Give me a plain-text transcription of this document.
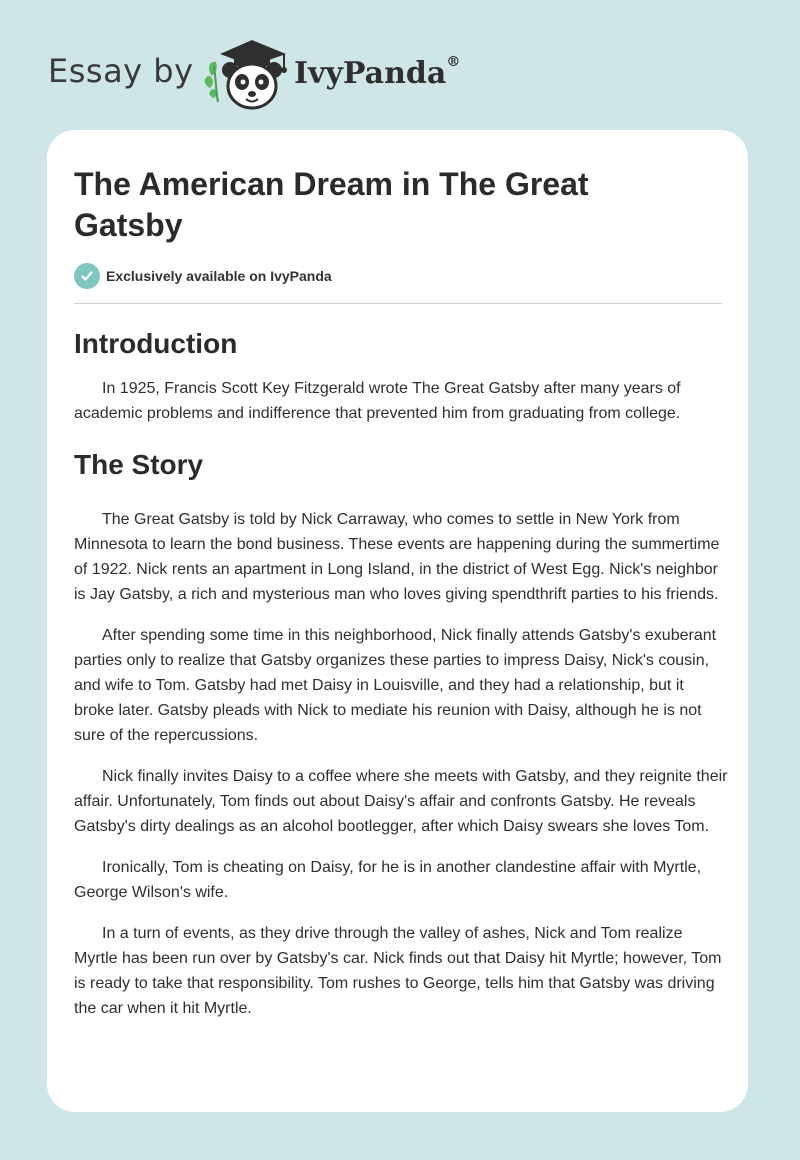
Essay by	IvyPanda®
The American Dream in The Great Gatsby
Exclusively available on IvyPanda
Introduction

In 1925, Francis Scott Key Fitzgerald wrote The Great Gatsby after many years of academic problems and indifference that prevented him from graduating from college.

The Story

The Great Gatsby is told by Nick Carraway, who comes to settle in New York from Minnesota to learn the bond business. These events are happening during the summertime of 1922. Nick rents an apartment in Long Island, in the district of West Egg. Nick's neighbor is Jay Gatsby, a rich and mysterious man who loves giving spendthrift parties to his friends.

After spending some time in this neighborhood, Nick finally attends Gatsby's exuberant parties only to realize that Gatsby organizes these parties to impress Daisy, Nick's cousin, and wife to Tom. Gatsby had met Daisy in Louisville, and they had a relationship, but it broke later. Gatsby pleads with Nick to mediate his reunion with Daisy, although he is not sure of the repercussions.

Nick finally invites Daisy to a coffee where she meets with Gatsby, and they reignite their affair. Unfortunately, Tom finds out about Daisy's affair and confronts Gatsby. He reveals Gatsby's dirty dealings as an alcohol bootlegger, after which Daisy swears she loves Tom.

Ironically, Tom is cheating on Daisy, for he is in another clandestine affair with Myrtle, George Wilson's wife.

In a turn of events, as they drive through the valley of ashes, Nick and Tom realize Myrtle has been run over by Gatsby's car. Nick finds out that Daisy hit Myrtle; however, Tom is ready to take that responsibility. Tom rushes to George, tells him that Gatsby was driving the car when it hit Myrtle.
